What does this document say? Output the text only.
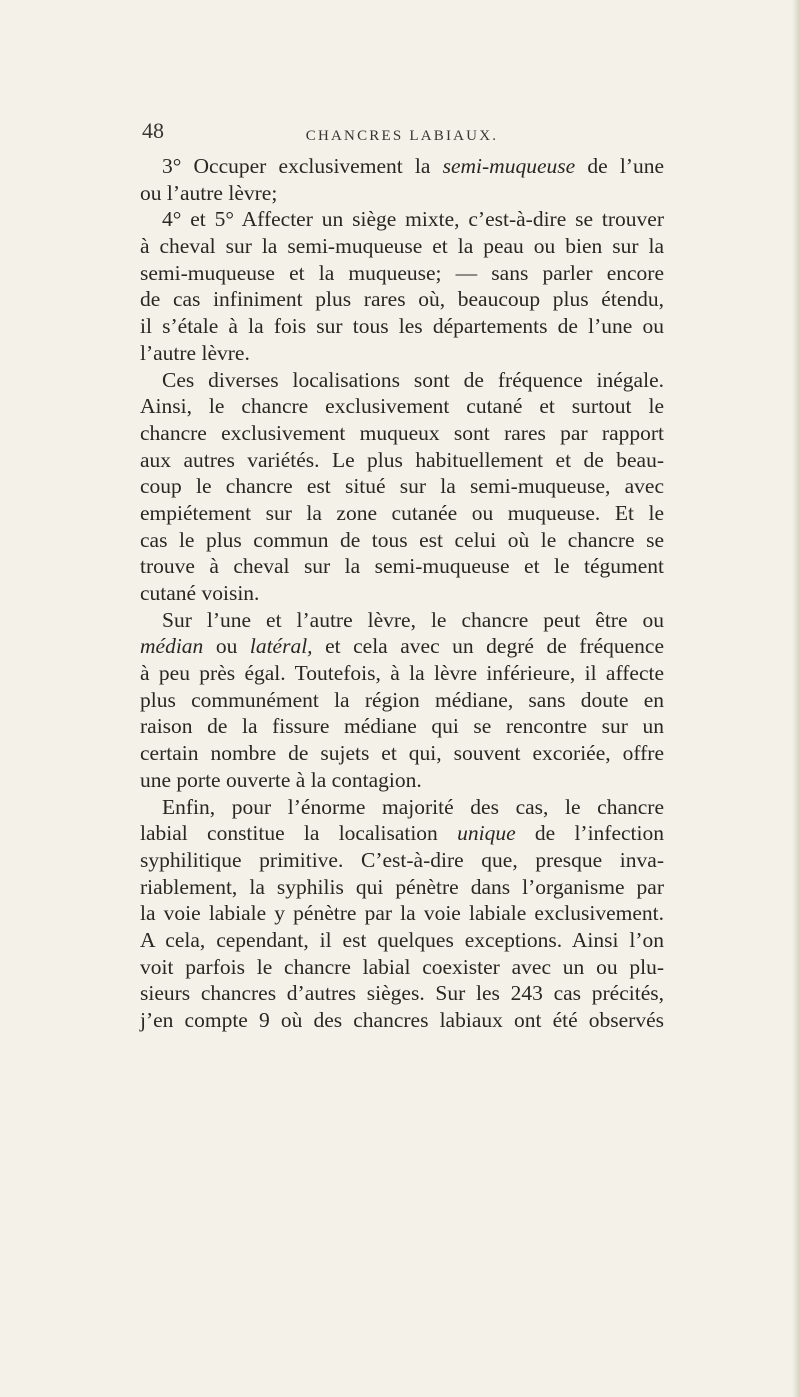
48	CHANCRES LABIAUX.
3° Occuper exclusivement la semi-muqueuse de l’une
ou l’autre lèvre;
4° et 5° Affecter un siège mixte, c’est-à-dire se trouver
à cheval sur la semi-muqueuse et la peau ou bien sur la
semi-muqueuse et la muqueuse; — sans parler encore
de cas infiniment plus rares où, beaucoup plus étendu,
il s’étale à la fois sur tous les départements de l’une ou
l’autre lèvre.
Ces diverses localisations sont de fréquence inégale.
Ainsi, le chancre exclusivement cutané et surtout le
chancre exclusivement muqueux sont rares par rapport
aux autres variétés. Le plus habituellement et de beau-
coup le chancre est situé sur la semi-muqueuse, avec
empiétement sur la zone cutanée ou muqueuse. Et le
cas le plus commun de tous est celui où le chancre se
trouve à cheval sur la semi-muqueuse et le tégument
cutané voisin.
Sur l’une et l’autre lèvre, le chancre peut être ou
médian ou latéral, et cela avec un degré de fréquence
à peu près égal. Toutefois, à la lèvre inférieure, il affecte
plus communément la région médiane, sans doute en
raison de la fissure médiane qui se rencontre sur un
certain nombre de sujets et qui, souvent excoriée, offre
une porte ouverte à la contagion.
Enfin, pour l’énorme majorité des cas, le chancre
labial constitue la localisation unique de l’infection
syphilitique primitive. C’est-à-dire que, presque inva-
riablement, la syphilis qui pénètre dans l’organisme par
la voie labiale y pénètre par la voie labiale exclusivement.
A cela, cependant, il est quelques exceptions. Ainsi l’on
voit parfois le chancre labial coexister avec un ou plu-
sieurs chancres d’autres sièges. Sur les 243 cas précités,
j’en compte 9 où des chancres labiaux ont été observés
